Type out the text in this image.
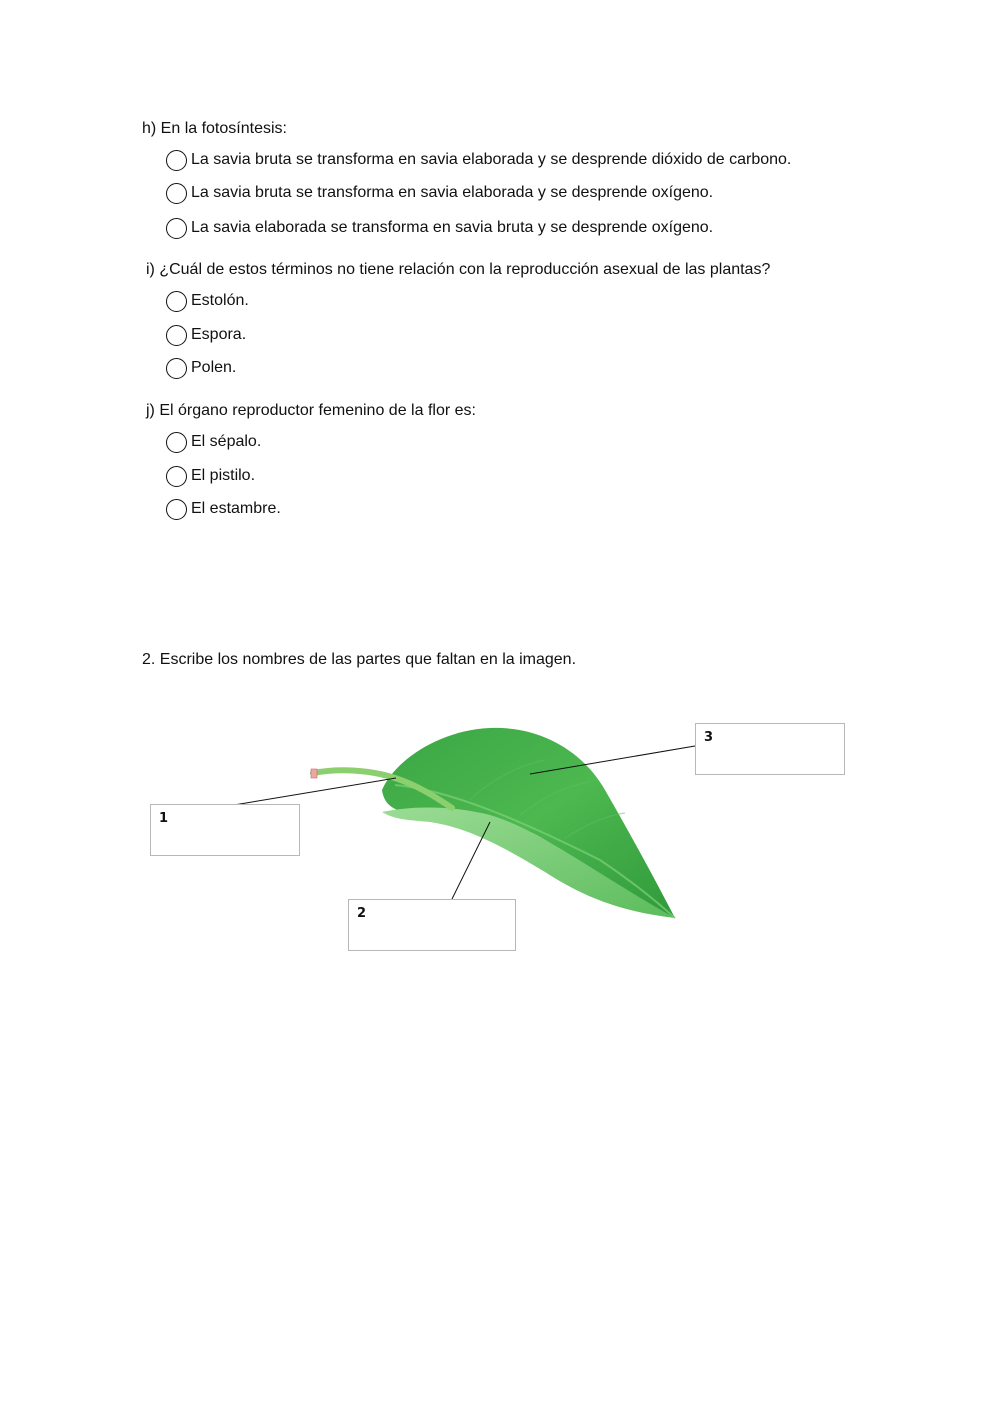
h) En la fotosíntesis:
La savia bruta se transforma en savia elaborada y se desprende dióxido de carbono.
La savia bruta se transforma en savia elaborada y se desprende oxígeno.
La savia elaborada se transforma en savia bruta y se desprende oxígeno.
i) ¿Cuál de estos términos no tiene relación con la reproducción asexual de las plantas?
Estolón.
Espora.
Polen.
j) El órgano reproductor femenino de la flor es:
El sépalo.
El pistilo.
El estambre.
2. Escribe los nombres de las partes que faltan en la imagen.
1
2
3
